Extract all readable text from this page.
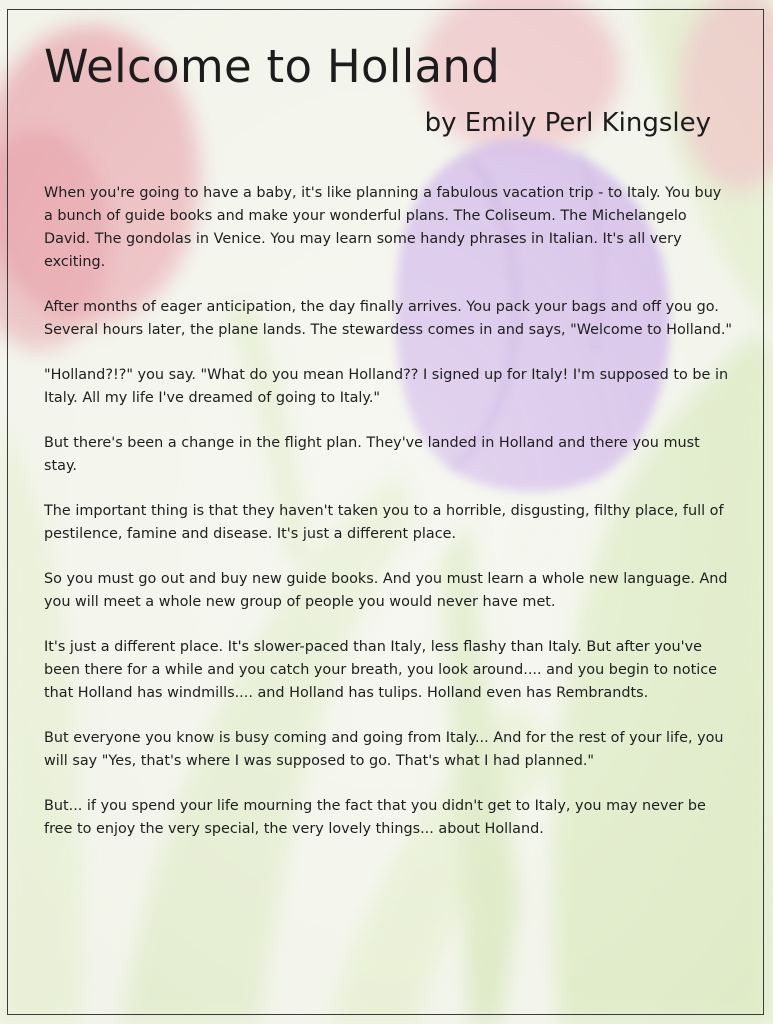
Welcome to Holland
by Emily Perl Kingsley

When you're going to have a baby, it's like planning a fabulous vacation trip - to Italy. You buy a bunch of guide books and make your wonderful plans. The Coliseum. The Michelangelo David. The gondolas in Venice. You may learn some handy phrases in Italian. It's all very exciting.

After months of eager anticipation, the day finally arrives. You pack your bags and off you go. Several hours later, the plane lands. The stewardess comes in and says, "Welcome to Holland."

"Holland?!?" you say. "What do you mean Holland?? I signed up for Italy! I'm supposed to be in Italy. All my life I've dreamed of going to Italy."

But there's been a change in the flight plan. They've landed in Holland and there you must stay.

The important thing is that they haven't taken you to a horrible, disgusting, filthy place, full of pestilence, famine and disease. It's just a different place.

So you must go out and buy new guide books. And you must learn a whole new language. And you will meet a whole new group of people you would never have met.

It's just a different place. It's slower-paced than Italy, less flashy than Italy. But after you've been there for a while and you catch your breath, you look around.... and you begin to notice that Holland has windmills.... and Holland has tulips. Holland even has Rembrandts.

But everyone you know is busy coming and going from Italy... And for the rest of your life, you will say "Yes, that's where I was supposed to go. That's what I had planned."

But... if you spend your life mourning the fact that you didn't get to Italy, you may never be free to enjoy the very special, the very lovely things... about Holland.
